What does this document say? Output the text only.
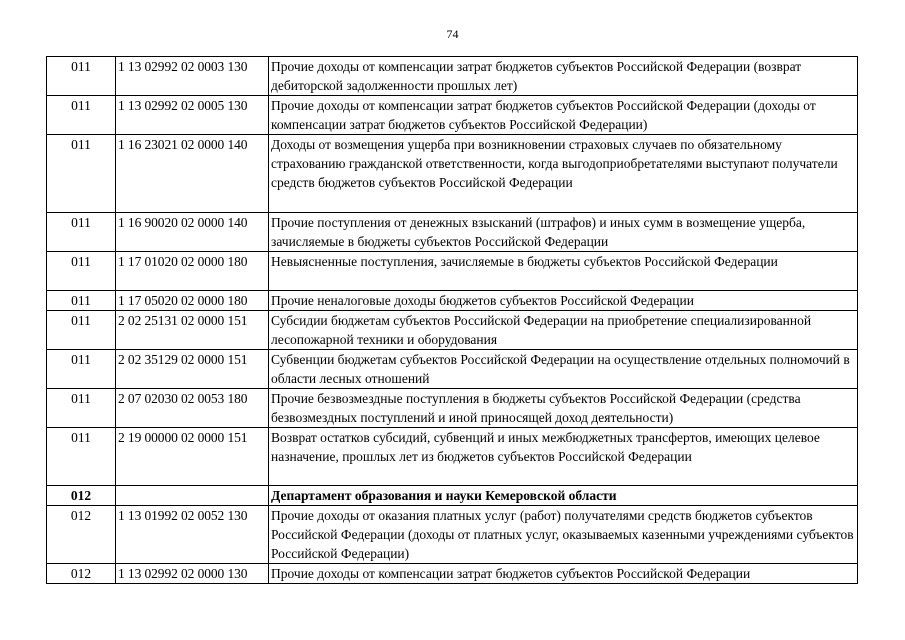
74
011	1 13 02992 02 0003 130	Прочие доходы от компенсации затрат бюджетов субъектов Российской Федерации (возврат дебиторской задолженности прошлых лет)
011	1 13 02992 02 0005 130	Прочие доходы от компенсации затрат бюджетов субъектов Российской Федерации (доходы от компенсации затрат бюджетов субъектов Российской Федерации)
011	1 16 23021 02 0000 140	Доходы от возмещения ущерба при возникновении страховых случаев по обязательному страхованию гражданской ответственности, когда выгодоприобретателями выступают получатели средств бюджетов субъектов Российской Федерации
011	1 16 90020 02 0000 140	Прочие поступления от денежных взысканий (штрафов) и иных сумм в возмещение ущерба, зачисляемые в бюджеты субъектов Российской Федерации
011	1 17 01020 02 0000 180	Невыясненные поступления, зачисляемые в бюджеты субъектов Российской Федерации
011	1 17 05020 02 0000 180	Прочие неналоговые доходы бюджетов субъектов Российской Федерации
011	2 02 25131 02 0000 151	Субсидии бюджетам субъектов Российской Федерации на приобретение специализированной лесопожарной техники и оборудования
011	2 02 35129 02 0000 151	Субвенции бюджетам субъектов Российской Федерации на осуществление отдельных полномочий в области лесных отношений
011	2 07 02030 02 0053 180	Прочие безвозмездные поступления в бюджеты субъектов Российской Федерации (средства безвозмездных поступлений и иной приносящей доход деятельности)
011	2 19 00000 02 0000 151	Возврат остатков субсидий, субвенций и иных межбюджетных трансфертов, имеющих целевое назначение, прошлых лет из бюджетов субъектов Российской Федерации
012		Департамент образования и науки Кемеровской области
012	1 13 01992 02 0052 130	Прочие доходы от оказания платных услуг (работ) получателями средств бюджетов субъектов Российской Федерации (доходы от платных услуг, оказываемых казенными учреждениями субъектов Российской Федерации)
012	1 13 02992 02 0000 130	Прочие доходы от компенсации затрат бюджетов субъектов Российской Федерации
